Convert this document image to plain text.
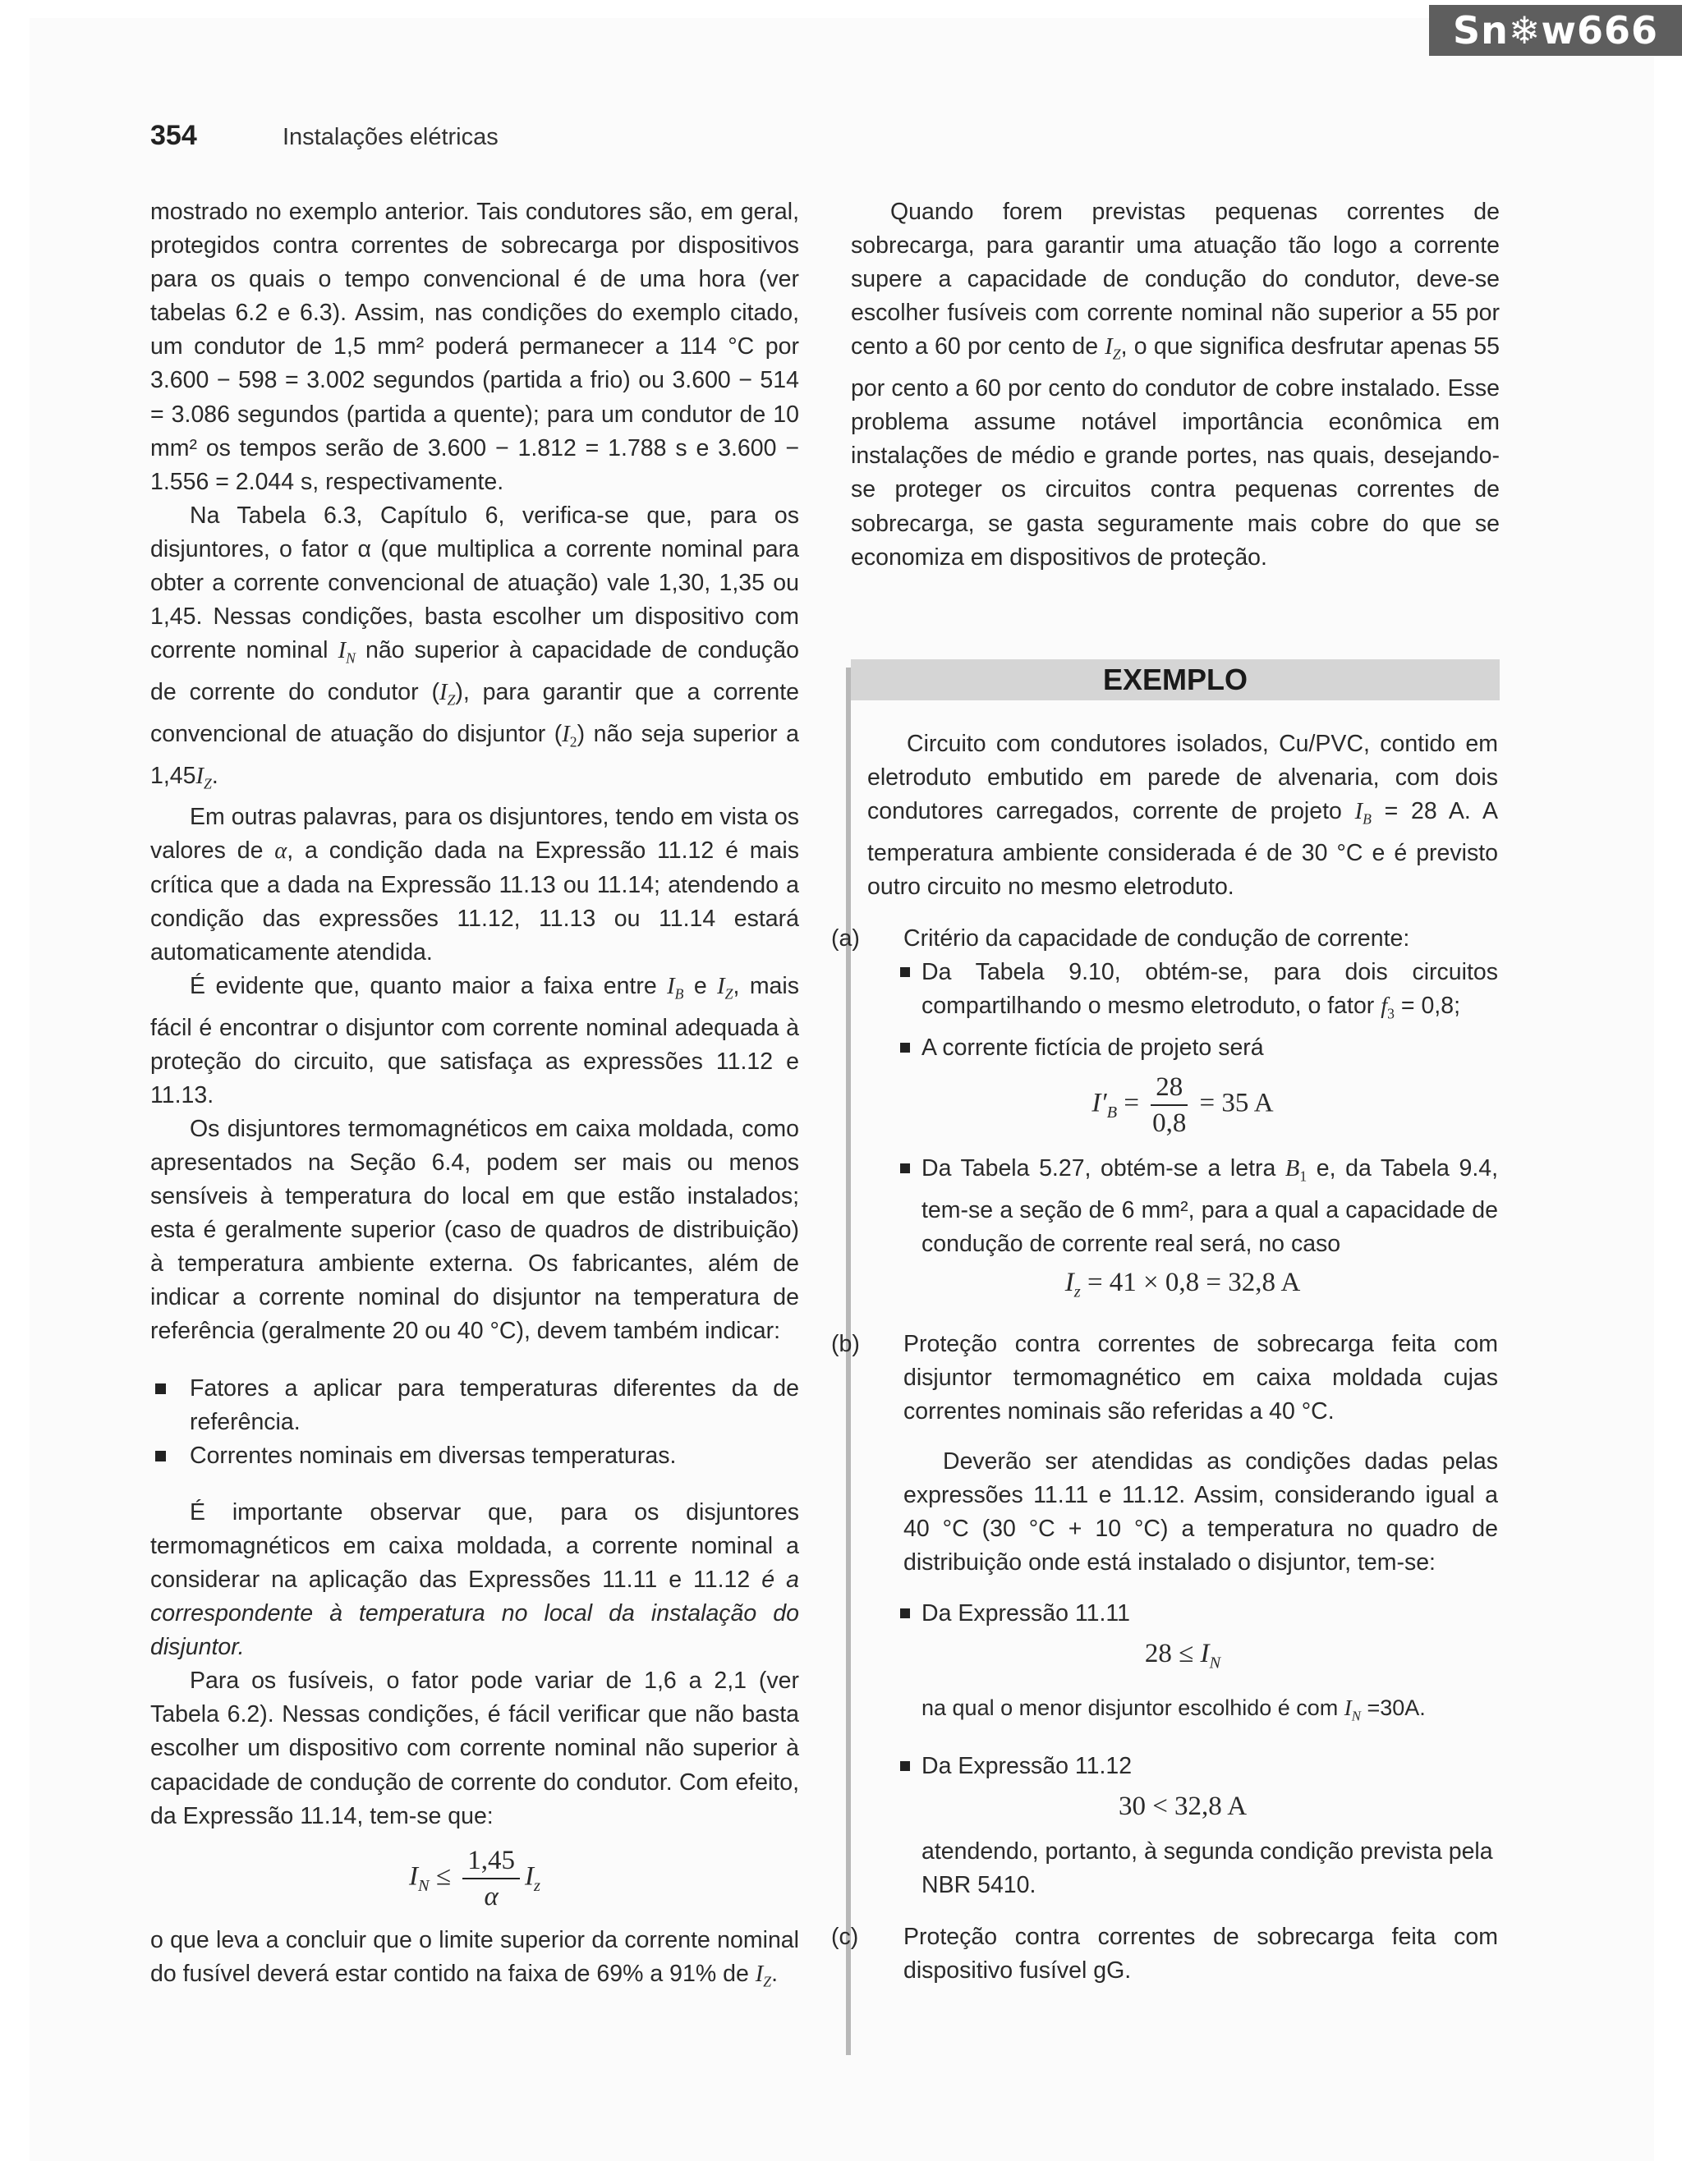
Sn❄w666
354	Instalações elétricas

mostrado no exemplo anterior. Tais condutores são, em geral, protegidos contra correntes de sobrecarga por dispositivos para os quais o tempo convencional é de uma hora (ver tabelas 6.2 e 6.3). Assim, nas condições do exemplo citado, um condutor de 1,5 mm² poderá permanecer a 114 °C por 3.600 − 598 = 3.002 segundos (partida a frio) ou 3.600 − 514 = 3.086 segundos (partida a quente); para um condutor de 10 mm² os tempos serão de 3.600 − 1.812 = 1.788 s e 3.600 − 1.556 = 2.044 s, respectivamente.

Na Tabela 6.3, Capítulo 6, verifica-se que, para os disjuntores, o fator α (que multiplica a corrente nominal para obter a corrente convencional de atuação) vale 1,30, 1,35 ou 1,45. Nessas condições, basta escolher um dispositivo com corrente nominal $I_N$ não superior à capacidade de condução de corrente do condutor $(I_Z)$, para garantir que a corrente convencional de atuação do disjuntor $(I_2)$ não seja superior a $1,45I_Z$.

Em outras palavras, para os disjuntores, tendo em vista os valores de α, a condição dada na Expressão 11.12 é mais crítica que a dada na Expressão 11.13 ou 11.14; atendendo a condição das expressões 11.12, 11.13 ou 11.14 estará automaticamente atendida.

É evidente que, quanto maior a faixa entre $I_B$ e $I_Z$, mais fácil é encontrar o disjuntor com corrente nominal adequada à proteção do circuito, que satisfaça as expressões 11.12 e 11.13.

Os disjuntores termomagnéticos em caixa moldada, como apresentados na Seção 6.4, podem ser mais ou menos sensíveis à temperatura do local em que estão instalados; esta é geralmente superior (caso de quadros de distribuição) à temperatura ambiente externa. Os fabricantes, além de indicar a corrente nominal do disjuntor na temperatura de referência (geralmente 20 ou 40 °C), devem também indicar:

Fatores a aplicar para temperaturas diferentes da de referência.
Correntes nominais em diversas temperaturas.

É importante observar que, para os disjuntores termomagnéticos em caixa moldada, a corrente nominal a considerar na aplicação das Expressões 11.11 e 11.12 é a correspondente à temperatura no local da instalação do disjuntor.

Para os fusíveis, o fator pode variar de 1,6 a 2,1 (ver Tabela 6.2). Nessas condições, é fácil verificar que não basta escolher um dispositivo com corrente nominal não superior à capacidade de condução de corrente do condutor. Com efeito, da Expressão 11.14, tem-se que:

$I_N \le \frac{1,45}{\alpha} I_z$

o que leva a concluir que o limite superior da corrente nominal do fusível deverá estar contido na faixa de 69% a 91% de $I_Z$.

Quando forem previstas pequenas correntes de sobrecarga, para garantir uma atuação tão logo a corrente supere a capacidade de condução do condutor, deve-se escolher fusíveis com corrente nominal não superior a 55 por cento a 60 por cento de $I_Z$, o que significa desfrutar apenas 55 por cento a 60 por cento do condutor de cobre instalado. Esse problema assume notável importância econômica em instalações de médio e grande portes, nas quais, desejando-se proteger os circuitos contra pequenas correntes de sobrecarga, se gasta seguramente mais cobre do que se economiza em dispositivos de proteção.

EXEMPLO

Circuito com condutores isolados, Cu/PVC, contido em eletroduto embutido em parede de alvenaria, com dois condutores carregados, corrente de projeto $I_B = 28$ A. A temperatura ambiente considerada é de 30 °C e é previsto outro circuito no mesmo eletroduto.

(a) Critério da capacidade de condução de corrente:
Da Tabela 9.10, obtém-se, para dois circuitos compartilhando o mesmo eletroduto, o fator $f_3 = 0,8$;
A corrente fictícia de projeto será
$I'_B = \frac{28}{0,8} = 35$ A
Da Tabela 5.27, obtém-se a letra $B_1$ e, da Tabela 9.4, tem-se a seção de 6 mm², para a qual a capacidade de condução de corrente real será, no caso
$I_z = 41 \times 0,8 = 32,8$ A
(b) Proteção contra correntes de sobrecarga feita com disjuntor termomagnético em caixa moldada cujas correntes nominais são referidas a 40 °C.

Deverão ser atendidas as condições dadas pelas expressões 11.11 e 11.12. Assim, considerando igual a 40 °C (30 °C + 10 °C) a temperatura no quadro de distribuição onde está instalado o disjuntor, tem-se:

Da Expressão 11.11
$28 \le I_N$
na qual o menor disjuntor escolhido é com $I_N =30A$.
Da Expressão 11.12
30 < 32,8 A
atendendo, portanto, à segunda condição prevista pela NBR 5410.
(c) Proteção contra correntes de sobrecarga feita com dispositivo fusível gG.
